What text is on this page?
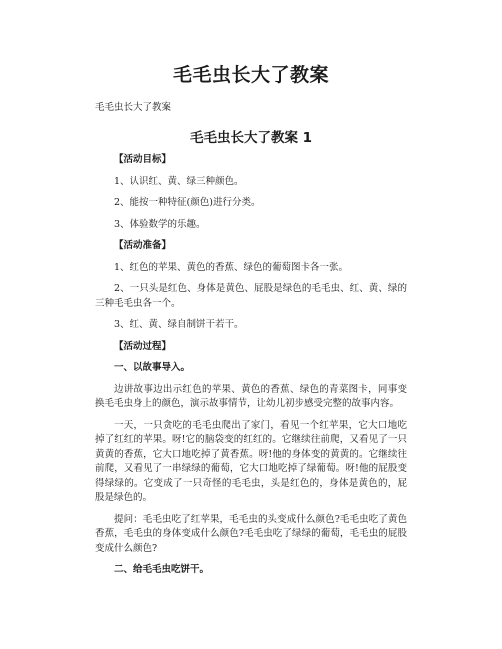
毛毛虫长大了教案
毛毛虫长大了教案
毛毛虫长大了教案 1

【活动目标】

1、认识红、黄、绿三种颜色。

2、能按一种特征(颜色)进行分类。

3、体验数学的乐趣。

【活动准备】

1、红色的苹果、黄色的香蕉、绿色的葡萄图卡各一张。

2、一只头是红色、身体是黄色、屁股是绿色的毛毛虫、红、黄、绿的三种毛毛虫各一个。

3、红、黄、绿自制饼干若干。

【活动过程】

一、以故事导入。

边讲故事边出示红色的苹果、黄色的香蕉、绿色的青菜图卡，同事变换毛毛虫身上的颜色，演示故事情节，让幼儿初步感受完整的故事内容。

一天，一只贪吃的毛毛虫爬出了家门，看见一个红苹果，它大口地吃掉了红红的苹果。呀!它的脑袋变的红红的。它继续往前爬，又看见了一只黄黄的香蕉，它大口地吃掉了黄香蕉。呀!他的身体变的黄黄的。它继续往前爬，又看见了一串绿绿的葡萄，它大口地吃掉了绿葡萄。呀!他的屁股变得绿绿的。它变成了一只奇怪的毛毛虫，头是红色的，身体是黄色的，屁股是绿色的。

提问：毛毛虫吃了红苹果，毛毛虫的头变成什么颜色?毛毛虫吃了黄色香蕉，毛毛虫的身体变成什么颜色?毛毛虫吃了绿绿的葡萄，毛毛虫的屁股变成什么颜色?

二、给毛毛虫吃饼干。
